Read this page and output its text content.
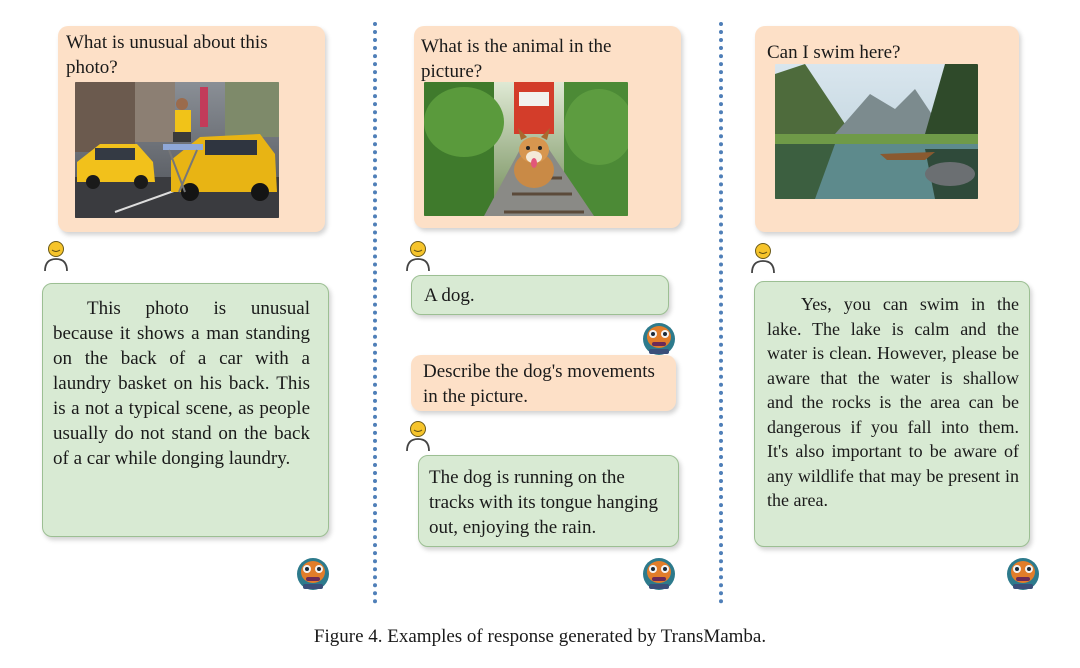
What is unusual about this photo?
This photo is unusual because it shows a man standing on the back of a car with a laundry basket on his back. This is a not a typical scene, as people usually do not stand on the back of a car while donging laundry.
What is the animal in the picture?
A dog.
Describe the dog's movements in the picture.
The dog is running on the tracks with its tongue hanging out, enjoying the rain.
Can I swim here?
Yes, you can swim in the lake. The lake is calm and the water is clean. However, please be aware that the water is shallow and the rocks is the area can be dangerous if you fall into them. It's also important to be aware of any wildlife that may be present in the area.
Figure 4. Examples of response generated by TransMamba.
